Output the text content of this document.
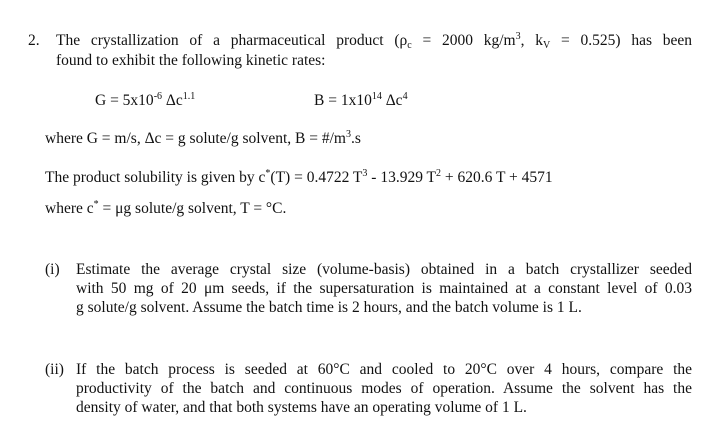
2. The crystallization of a pharmaceutical product ($\rho_c = 2000$ $kg/m^3$, $k_V = 0.525$) has been
found to exhibit the following kinetic rates:
$G = 5x10^{-6}$ $\Delta c^{1.1}$	$B = 1x10^{14}$ $\Delta c^4$
where G = m/s, Δc = g solute/g solvent, $B = \#/m^3.s$
The product solubility is given by c*(T) = 0.4722 $T^3 - 13.929$ $T^2 + 620.6$ T + 4571
where c* = μg solute/g solvent, T = °C.
(i) Estimate the average crystal size (volume-basis) obtained in a batch crystallizer seeded
with 50 mg of 20 μm seeds, if the supersaturation is maintained at a constant level of 0.03
g solute/g solvent. Assume the batch time is 2 hours, and the batch volume is 1 L.
(ii) If the batch process is seeded at 60°C and cooled to 20°C over 4 hours, compare the
productivity of the batch and continuous modes of operation. Assume the solvent has the
density of water, and that both systems have an operating volume of 1 L.
